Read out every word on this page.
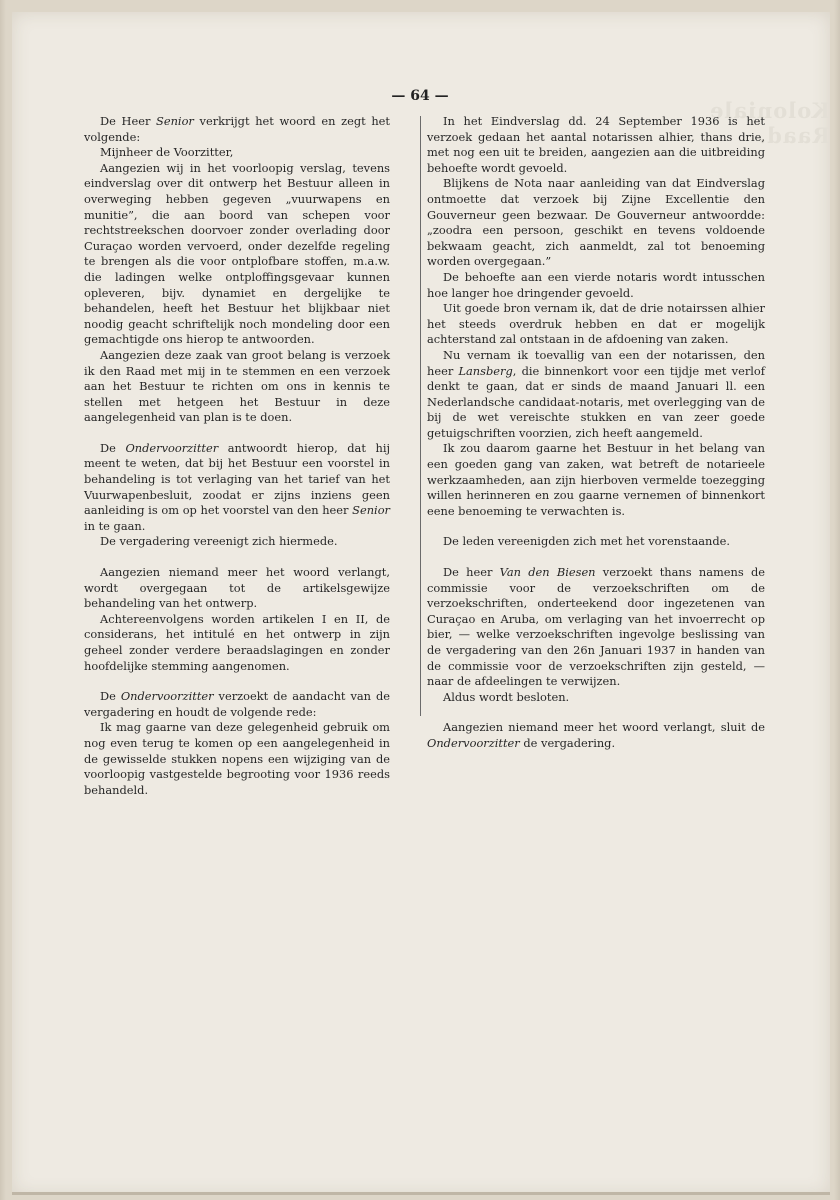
Koloniale Raad.
— 64 —

De Heer Senior verkrijgt het woord en zegt het volgende:

Mijnheer de Voorzitter,

Aangezien wij in het voorloopig verslag, tevens eindverslag over dit ontwerp het Bestuur alleen in overweging hebben gegeven „vuurwapens en munitie”, die aan boord van schepen voor rechtstreekschen doorvoer zonder overlading door Curaçao worden vervoerd, onder dezelfde regeling te brengen als die voor ontplofbare stoffen, m.a.w. die ladingen welke ontploffingsgevaar kunnen opleveren, bijv. dynamiet en dergelijke te behandelen, heeft het Bestuur het blijkbaar niet noodig geacht schriftelijk noch mondeling door een gemachtigde ons hierop te antwoorden.

Aangezien deze zaak van groot belang is verzoek ik den Raad met mij in te stemmen en een verzoek aan het Bestuur te richten om ons in kennis te stellen met hetgeen het Bestuur in deze aangelegenheid van plan is te doen.

De Ondervoorzitter antwoordt hierop, dat hij meent te weten, dat bij het Bestuur een voorstel in behandeling is tot verlaging van het tarief van het Vuurwapenbesluit, zoodat er zijns inziens geen aanleiding is om op het voorstel van den heer Senior in te gaan.

De vergadering vereenigt zich hiermede.

Aangezien niemand meer het woord verlangt, wordt overgegaan tot de artikelsgewijze behandeling van het ontwerp.

Achtereenvolgens worden artikelen I en II, de considerans, het intitulé en het ontwerp in zijn geheel zonder verdere beraadslagingen en zonder hoofdelijke stemming aangenomen.

De Ondervoorzitter verzoekt de aandacht van de vergadering en houdt de volgende rede:

Ik mag gaarne van deze gelegenheid gebruik om nog even terug te komen op een aangelegenheid in de gewisselde stukken nopens een wijziging van de voorloopig vastgestelde begrooting voor 1936 reeds behandeld.

In het Eindverslag dd. 24 September 1936 is het verzoek gedaan het aantal notarissen alhier, thans drie, met nog een uit te breiden, aangezien aan die uitbreiding behoefte wordt gevoeld.

Blijkens de Nota naar aanleiding van dat Eindverslag ontmoette dat verzoek bij Zijne Excellentie den Gouverneur geen bezwaar. De Gouverneur antwoordde: „zoodra een persoon, geschikt en tevens voldoende bekwaam geacht, zich aanmeldt, zal tot benoeming worden overgegaan.”

De behoefte aan een vierde notaris wordt intusschen hoe langer hoe dringender gevoeld.

Uit goede bron vernam ik, dat de drie notairssen alhier het steeds overdruk hebben en dat er mogelijk achterstand zal ontstaan in de afdoening van zaken.

Nu vernam ik toevallig van een der notarissen, den heer Lansberg, die binnenkort voor een tijdje met verlof denkt te gaan, dat er sinds de maand Januari ll. een Nederlandsche candidaat-notaris, met overlegging van de bij de wet vereischte stukken en van zeer goede getuigschriften voorzien, zich heeft aangemeld.

Ik zou daarom gaarne het Bestuur in het belang van een goeden gang van zaken, wat betreft de notarieele werkzaamheden, aan zijn hierboven vermelde toezegging willen herinneren en zou gaarne vernemen of binnenkort eene benoeming te verwachten is.

De leden vereenigden zich met het vorenstaande.

De heer Van den Biesen verzoekt thans namens de commissie voor de verzoekschriften om de verzoekschriften, onderteekend door ingezetenen van Curaçao en Aruba, om verlaging van het invoerrecht op bier, — welke verzoekschriften ingevolge beslissing van de vergadering van den 26n Januari 1937 in handen van de commissie voor de verzoekschriften zijn gesteld, — naar de afdeelingen te verwijzen.

Aldus wordt besloten.

Aangezien niemand meer het woord verlangt, sluit de Ondervoorzitter de vergadering.
